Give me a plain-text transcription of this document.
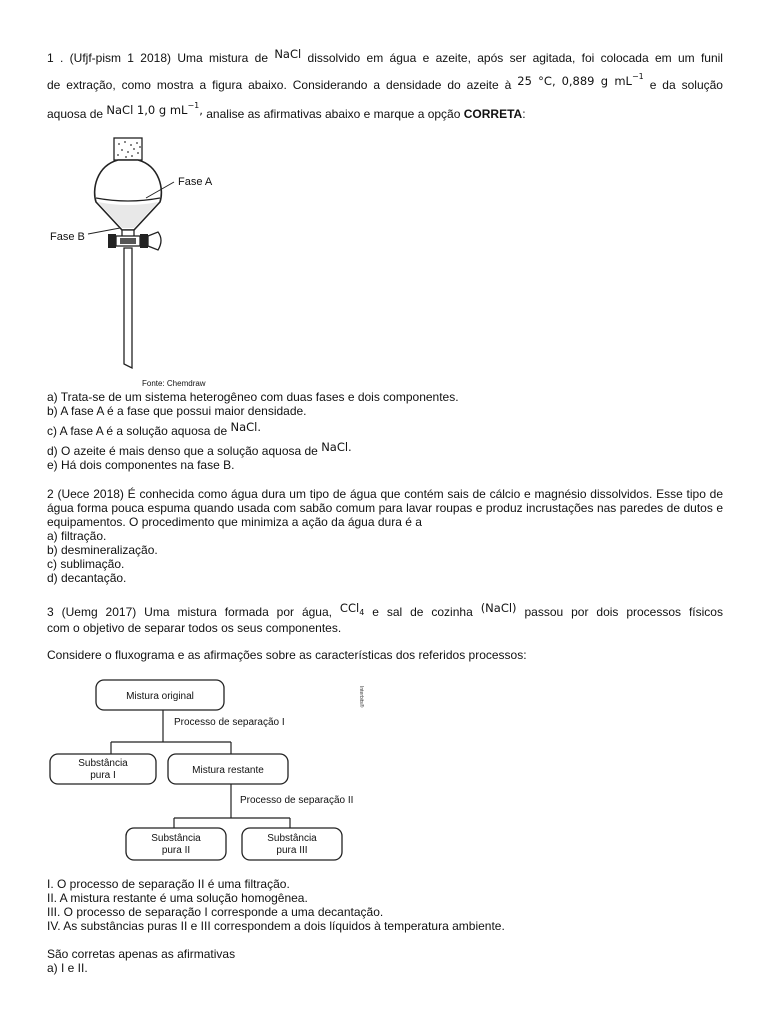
1 . (Ufjf-pism 1 2018) Uma mistura de NaCl dissolvido em água e azeite, após ser agitada, foi colocada em um funil
de extração, como mostra a figura abaixo. Considerando a densidade do azeite à 25 °C, 0,889 g $mL^{-1}$ e da solução
aquosa de NaCl 1,0 g $mL^{-1}$, analise as afirmativas abaixo e marque a opção CORRETA:
Fase A
Fase B
Fonte: Chemdraw
a) Trata-se de um sistema heterogêneo com duas fases e dois componentes.
b) A fase A é a fase que possui maior densidade.
c) A fase A é a solução aquosa de NaCl.
d) O azeite é mais denso que a solução aquosa de NaCl.
e) Há dois componentes na fase B.
2 (Uece 2018) É conhecida como água dura um tipo de água que contém sais de cálcio e magnésio dissolvidos. Esse tipo de água forma pouca espuma quando usada com sabão comum para lavar roupas e produz incrustações nas paredes de dutos e equipamentos. O procedimento que minimiza a ação da água dura é a
a) filtração.
b) desmineralização.
c) sublimação.
d) decantação.
3 (Uemg 2017) Uma mistura formada por água, CCl$_4$ e sal de cozinha (NaCl) passou por dois processos físicos
com o objetivo de separar todos os seus componentes.
Considere o fluxograma e as afirmações sobre as características dos referidos processos:
Mistura original
Processo de separação I
Substância
pura I	Mistura restante
Processo de separação II
Substância
pura II
Substância
pura III
Interbits®
I. O processo de separação II é uma filtração.
II. A mistura restante é uma solução homogênea.
III. O processo de separação I corresponde a uma decantação.
IV. As substâncias puras II e III correspondem a dois líquidos à temperatura ambiente.
São corretas apenas as afirmativas
a) I e II.
